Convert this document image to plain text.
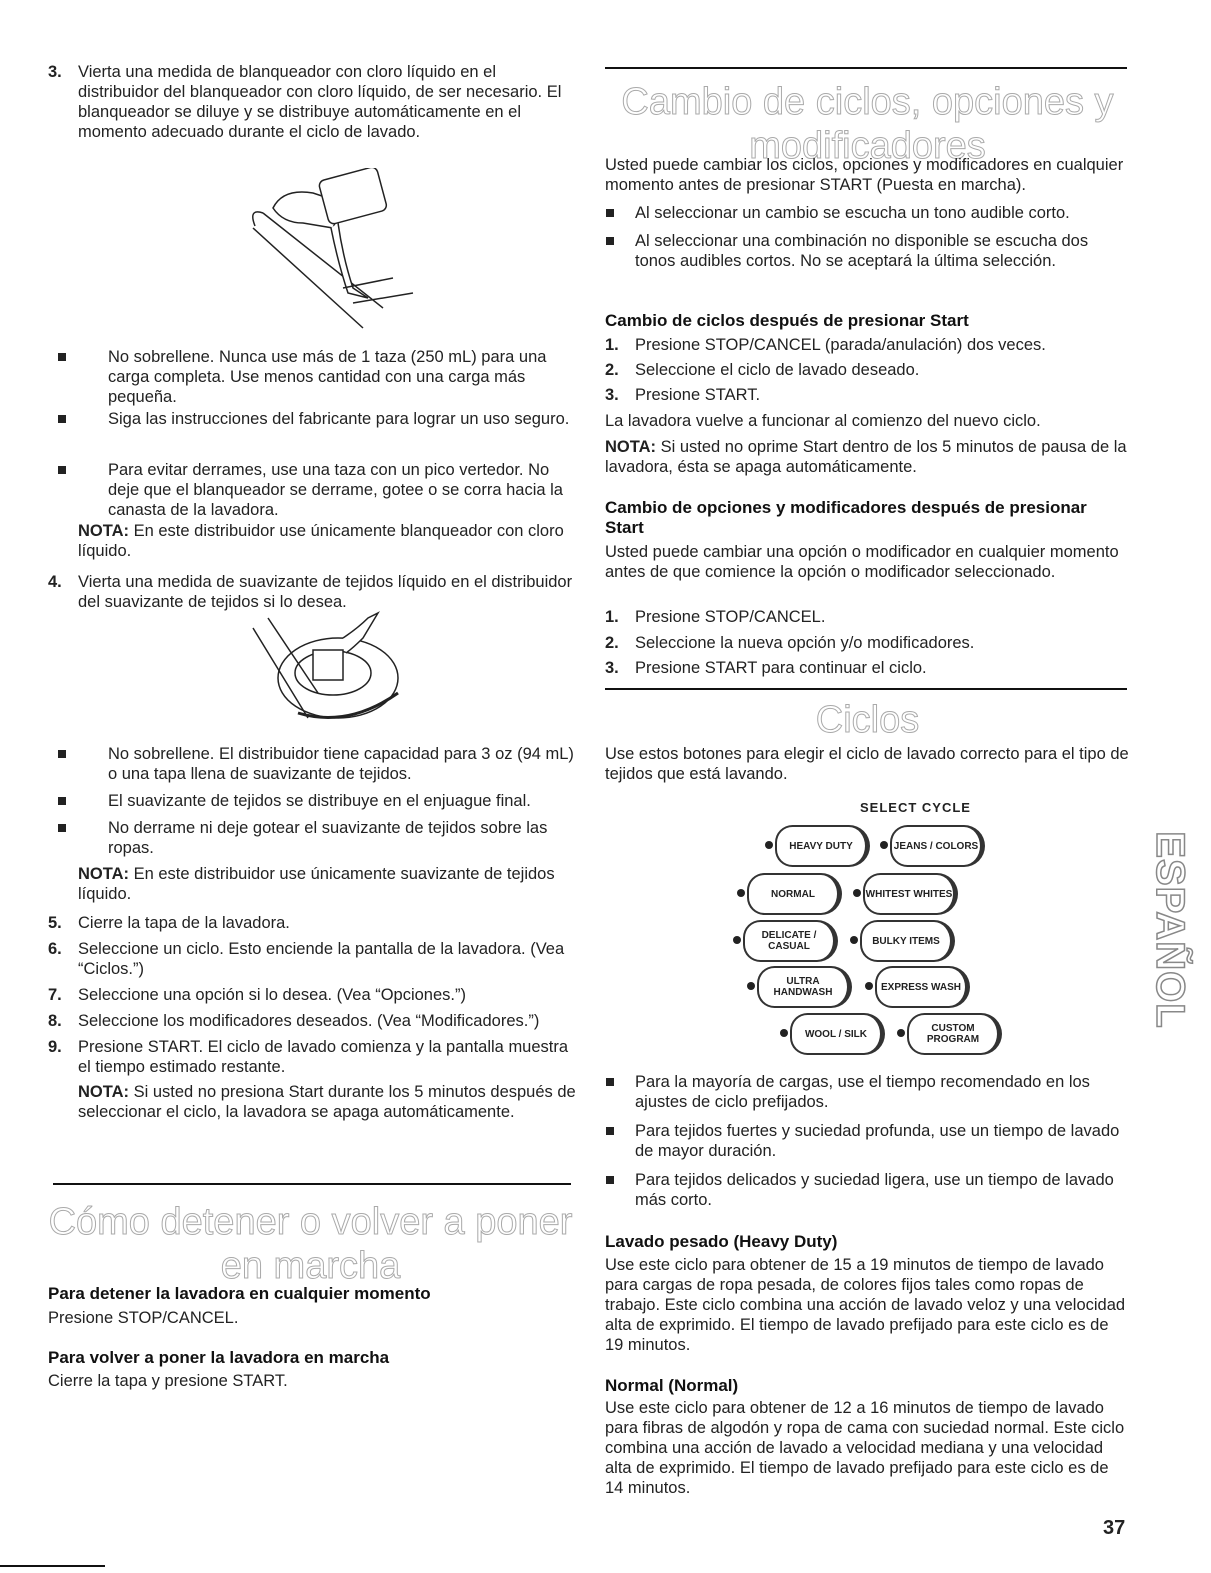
3. Vierta una medida de blanqueador con cloro líquido en el distribuidor del blanqueador con cloro líquido, de ser necesario. El blanqueador se diluye y se distribuye automáticamente en el momento adecuado durante el ciclo de lavado.
No sobrellene. Nunca use más de 1 taza (250 mL) para una carga completa. Use menos cantidad con una carga más pequeña.
Siga las instrucciones del fabricante para lograr un uso seguro.
Para evitar derrames, use una taza con un pico vertedor. No deje que el blanqueador se derrame, gotee o se corra hacia la canasta de la lavadora.
NOTA: En este distribuidor use únicamente blanqueador con cloro líquido.
4. Vierta una medida de suavizante de tejidos líquido en el distribuidor del suavizante de tejidos si lo desea.
No sobrellene. El distribuidor tiene capacidad para 3 oz (94 mL) o una tapa llena de suavizante de tejidos.
El suavizante de tejidos se distribuye en el enjuague final.
No derrame ni deje gotear el suavizante de tejidos sobre las ropas.
NOTA: En este distribuidor use únicamente suavizante de tejidos líquido.
5. Cierre la tapa de la lavadora.
6. Seleccione un ciclo. Esto enciende la pantalla de la lavadora. (Vea “Ciclos.”)
7. Seleccione una opción si lo desea. (Vea “Opciones.”)
8. Seleccione los modificadores deseados. (Vea “Modificadores.”)
9. Presione START. El ciclo de lavado comienza y la pantalla muestra el tiempo estimado restante.
NOTA: Si usted no presiona Start durante los 5 minutos después de seleccionar el ciclo, la lavadora se apaga automáticamente.
Cómo detener o volver a poner en marcha
Para detener la lavadora en cualquier momento
Presione STOP/CANCEL.
Para volver a poner la lavadora en marcha
Cierre la tapa y presione START.
Cambio de ciclos, opciones y modificadores
Usted puede cambiar los ciclos, opciones y modificadores en cualquier momento antes de presionar START (Puesta en marcha).
Al seleccionar un cambio se escucha un tono audible corto.
Al seleccionar una combinación no disponible se escucha dos tonos audibles cortos. No se aceptará la última selección.
Cambio de ciclos después de presionar Start
1. Presione STOP/CANCEL (parada/anulación) dos veces.
2. Seleccione el ciclo de lavado deseado.
3. Presione START.
La lavadora vuelve a funcionar al comienzo del nuevo ciclo.
NOTA: Si usted no oprime Start dentro de los 5 minutos de pausa de la lavadora, ésta se apaga automáticamente.
Cambio de opciones y modificadores después de presionar Start
Usted puede cambiar una opción o modificador en cualquier momento antes de que comience la opción o modificador seleccionado.
1. Presione STOP/CANCEL.
2. Seleccione la nueva opción y/o modificadores.
3. Presione START para continuar el ciclo.
Ciclos
Use estos botones para elegir el ciclo de lavado correcto para el tipo de tejidos que está lavando.
SELECT CYCLE
HEAVY DUTY	JEANS / COLORS
NORMAL	WHITEST WHITES
DELICATE / CASUAL	BULKY ITEMS
ULTRA HANDWASH	EXPRESS WASH
WOOL / SILK	CUSTOM PROGRAM
Para la mayoría de cargas, use el tiempo recomendado en los ajustes de ciclo prefijados.
Para tejidos fuertes y suciedad profunda, use un tiempo de lavado de mayor duración.
Para tejidos delicados y suciedad ligera, use un tiempo de lavado más corto.
Lavado pesado (Heavy Duty)
Use este ciclo para obtener de 15 a 19 minutos de tiempo de lavado para cargas de ropa pesada, de colores fijos tales como ropas de trabajo. Este ciclo combina una acción de lavado veloz y una velocidad alta de exprimido. El tiempo de lavado prefijado para este ciclo es de 19 minutos.
Normal (Normal)
Use este ciclo para obtener de 12 a 16 minutos de tiempo de lavado para fibras de algodón y ropa de cama con suciedad normal. Este ciclo combina una acción de lavado a velocidad mediana y una velocidad alta de exprimido. El tiempo de lavado prefijado para este ciclo es de 14 minutos.
ESPAÑOL
37
